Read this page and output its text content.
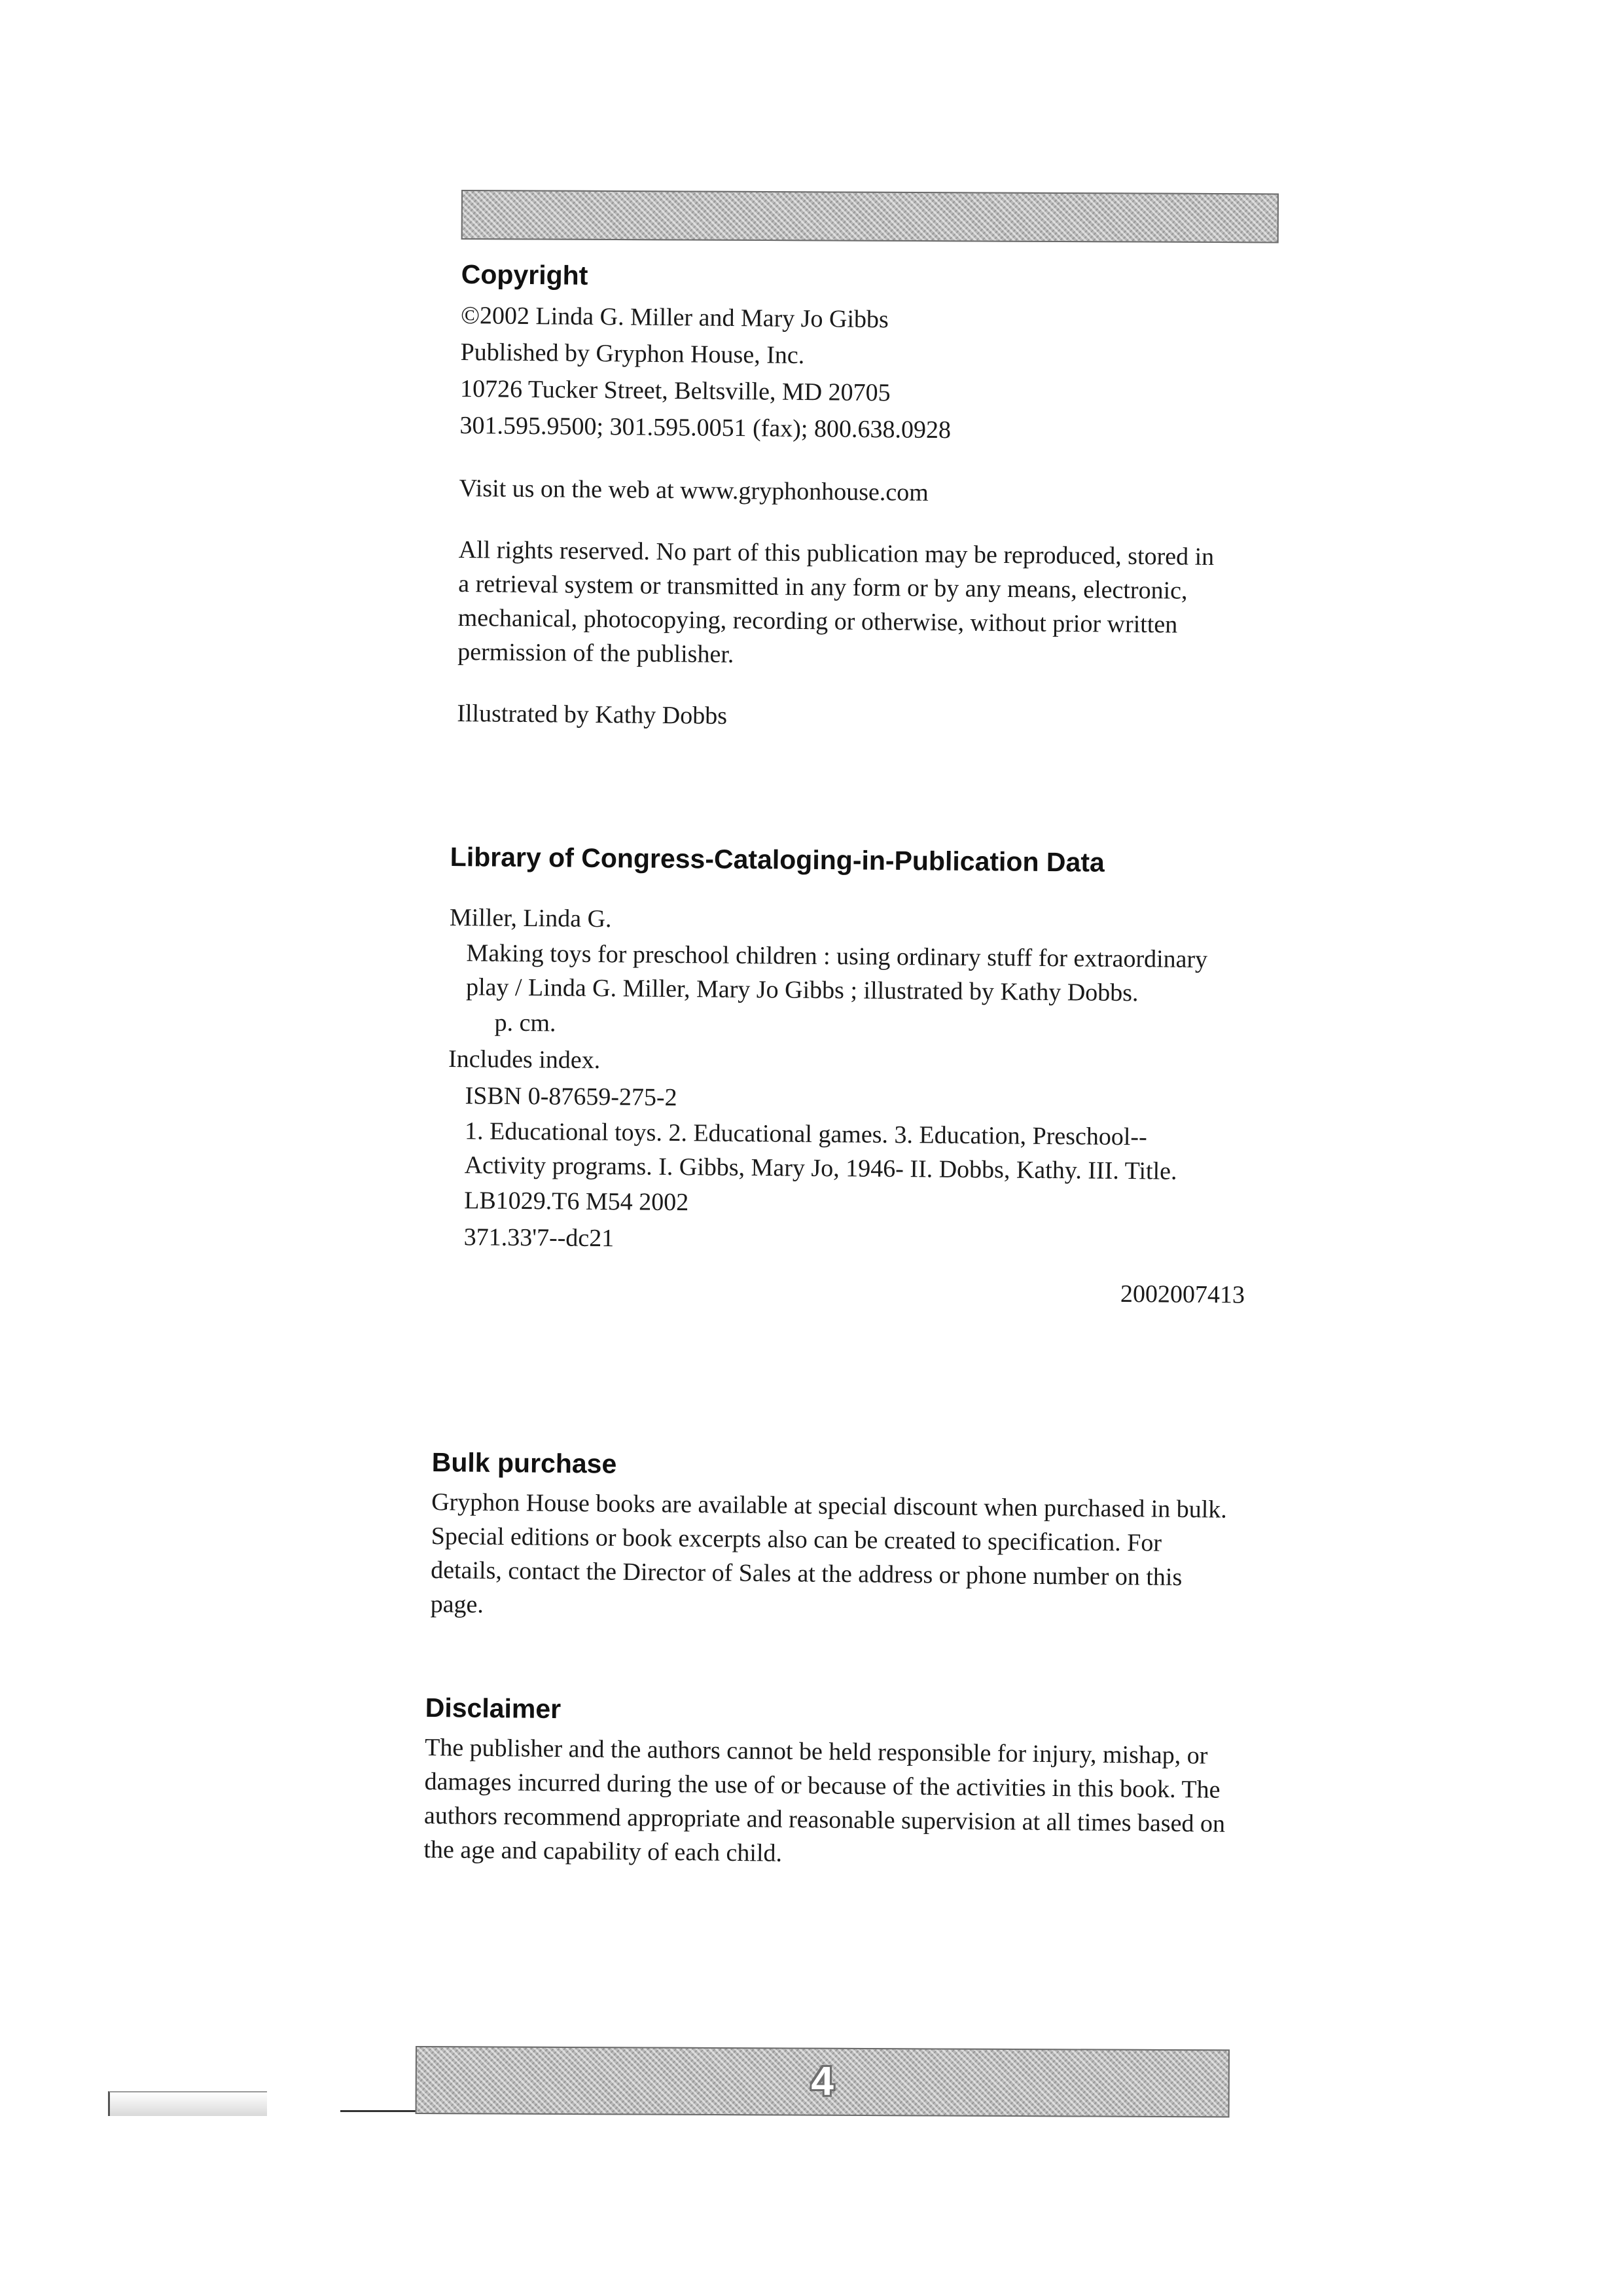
Copyright

©2002 Linda G. Miller and Mary Jo Gibbs

Published by Gryphon House, Inc.

10726 Tucker Street, Beltsville, MD 20705

301.595.9500; 301.595.0051 (fax); 800.638.0928

Visit us on the web at www.gryphonhouse.com

All rights reserved. No part of this publication may be reproduced, stored in a retrieval system or transmitted in any form or by any means, electronic, mechanical, photocopying, recording or otherwise, without prior written permission of the publisher.

Illustrated by Kathy Dobbs

Library of Congress-Cataloging-in-Publication Data

Miller, Linda G.

Making toys for preschool children : using ordinary stuff for extraordinary play / Linda G. Miller, Mary Jo Gibbs ; illustrated by Kathy Dobbs.

p. cm.

Includes index.

ISBN 0-87659-275-2

1. Educational toys. 2. Educational games. 3. Education, Preschool--Activity programs. I. Gibbs, Mary Jo, 1946- II. Dobbs, Kathy. III. Title.

LB1029.T6 M54 2002

371.33'7--dc21

2002007413

Bulk purchase

Gryphon House books are available at special discount when purchased in bulk. Special editions or book excerpts also can be created to specification. For details, contact the Director of Sales at the address or phone number on this page.

Disclaimer

The publisher and the authors cannot be held responsible for injury, mishap, or damages incurred during the use of or because of the activities in this book. The authors recommend appropriate and reasonable supervision at all times based on the age and capability of each child.

4
